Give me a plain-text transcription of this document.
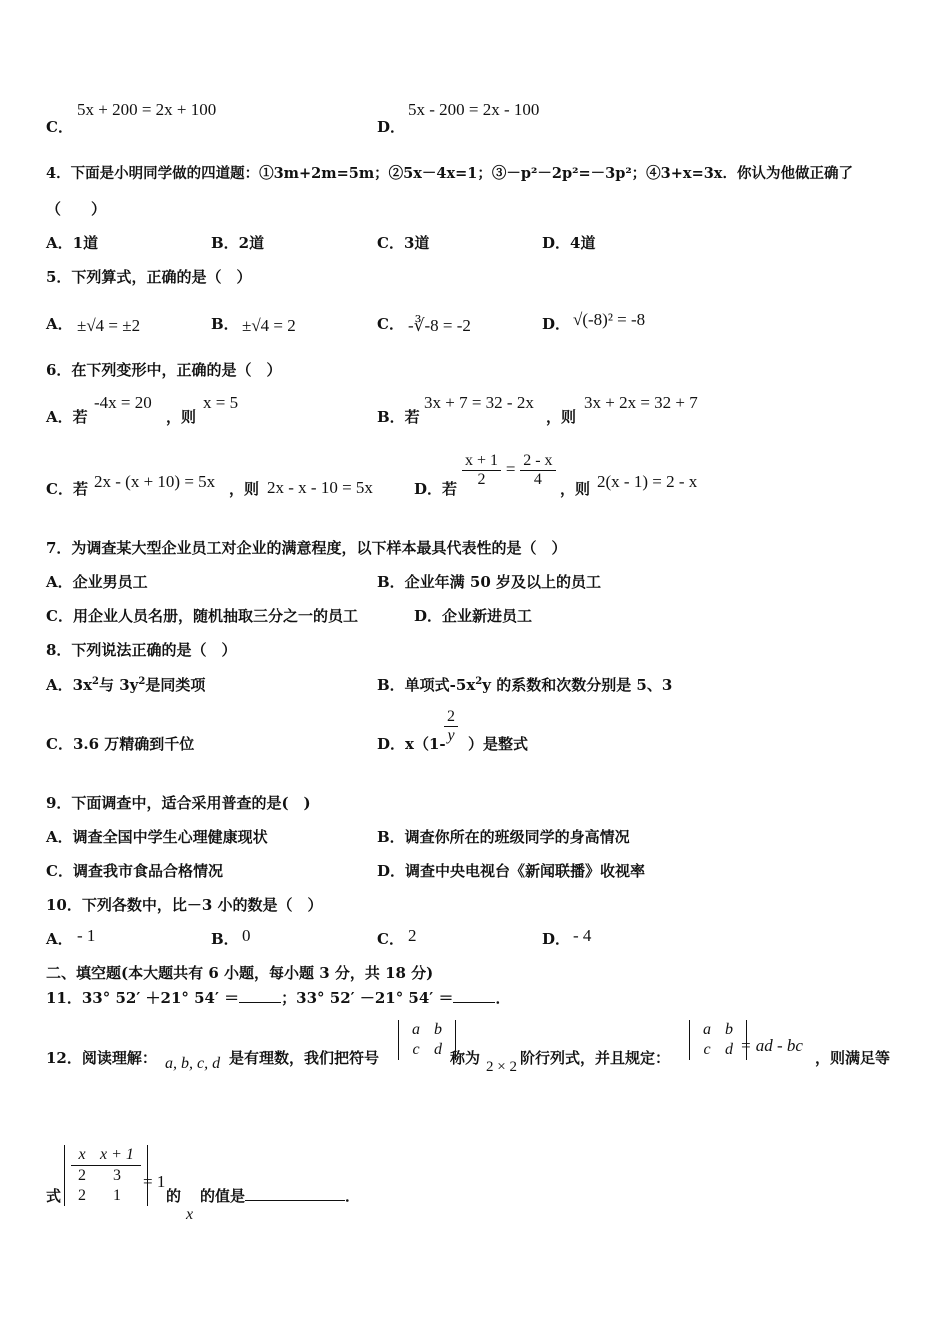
C．
5x + 200 = 2x + 100
D．
5x - 200 = 2x - 100
4．下面是小明同学做的四道题：①3m+2m=5m；②5x－4x=1；③－p²－2p²=－3p²；④3+x=3x．你认为他做正确了
（　　）
A．1道	B．2道	C．3道	D．4道
5．下列算式，正确的是（　）
A． ±√4 = ±2	B． ±√4 = 2	C． -∛-8 = -2	D． √(-8)² = -8
6．在下列变形中，正确的是（　）
A．若
-4x = 20
，则
x = 5
B．若
3x + 7 = 32 - 2x
，则
3x + 2x = 32 + 7
C．若 2x - (x + 10) = 5x ，则 2x - x - 10 = 5x	D．若 $\frac{x + 1}{2} = \frac{2 - x}{4}$ ，则 2(x - 1) = 2 - x
7．为调查某大型企业员工对企业的满意程度，以下样本最具代表性的是（　）
A．企业男员工	B．企业年满 50 岁及以上的员工
C．用企业人员名册，随机抽取三分之一的员工	D．企业新进员工
8．下列说法正确的是（　）
A．$3x^2$与 $3y^2$是同类项	B．单项式$-5x^2y$ 的系数和次数分别是 5、3
C．3.6 万精确到千位	D．x（1-
$\frac{2}{y}$ ）是整式
9．下面调查中，适合采用普查的是(　)
A．调查全国中学生心理健康现状	B．调查你所在的班级同学的身高情况
C．调查我市食品合格情况	D．调查中央电视台《新闻联播》收视率
10．下列各数中，比－3 小的数是（　）
A． - 1	B． 0	C． 2	D． - 4
二、填空题(本大题共有 6 小题，每小题 3 分，共 18 分)
11．33° 52′ ＋21° 54′ ＝	；33° 52′ －21° 54′ ＝	．
12．阅读理解： a, b, c, d 是有理数，我们把符号
a	b
c	d 称为 2 × 2 阶行列式，并且规定：
a	b
c	d = ad - bc
，则满足等
式
x	x + 1
2	3
2	1
= 1
的
x
的值是	．
